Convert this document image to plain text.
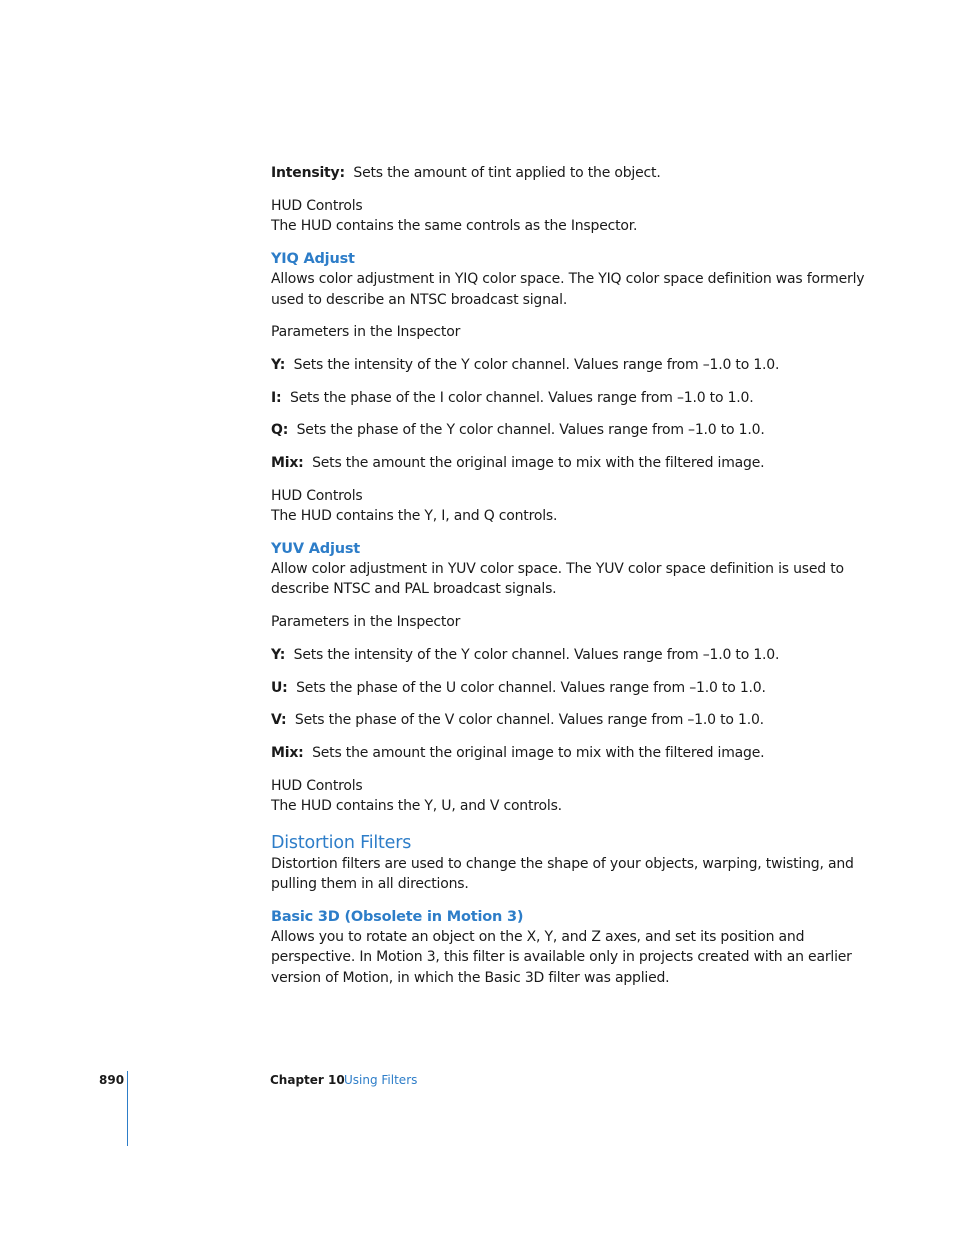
Intensity: Sets the amount of tint applied to the object.
HUD Controls
The HUD contains the same controls as the Inspector.
YIQ Adjust
Allows color adjustment in YIQ color space. The YIQ color space definition was formerly
used to describe an NTSC broadcast signal.
Parameters in the Inspector
Y: Sets the intensity of the Y color channel. Values range from –1.0 to 1.0.
I: Sets the phase of the I color channel. Values range from –1.0 to 1.0.
Q: Sets the phase of the Y color channel. Values range from –1.0 to 1.0.
Mix: Sets the amount the original image to mix with the filtered image.
HUD Controls
The HUD contains the Y, I, and Q controls.
YUV Adjust
Allow color adjustment in YUV color space. The YUV color space definition is used to
describe NTSC and PAL broadcast signals.
Parameters in the Inspector
Y: Sets the intensity of the Y color channel. Values range from –1.0 to 1.0.
U: Sets the phase of the U color channel. Values range from –1.0 to 1.0.
V: Sets the phase of the V color channel. Values range from –1.0 to 1.0.
Mix: Sets the amount the original image to mix with the filtered image.
HUD Controls
The HUD contains the Y, U, and V controls.
Distortion Filters
Distortion filters are used to change the shape of your objects, warping, twisting, and
pulling them in all directions.
Basic 3D (Obsolete in Motion 3)
Allows you to rotate an object on the X, Y, and Z axes, and set its position and
perspective. In Motion 3, this filter is available only in projects created with an earlier
version of Motion, in which the Basic 3D filter was applied.
890	Chapter 10 Using Filters
